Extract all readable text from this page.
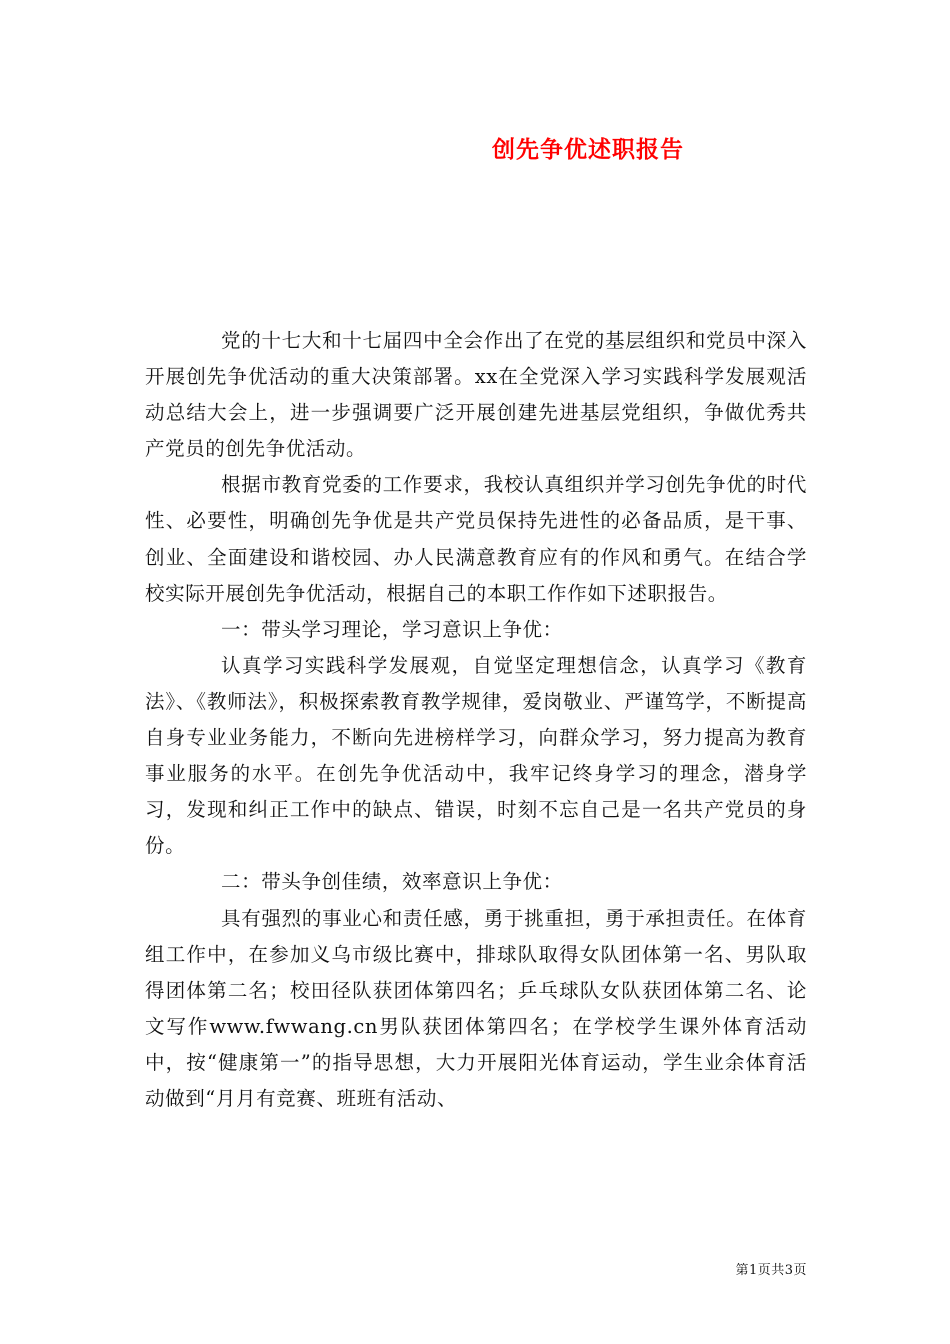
创先争优述职报告

党的十七大和十七届四中全会作出了在党的基层组织和党员中深入开展创先争优活动的重大决策部署。xx在全党深入学习实践科学发展观活动总结大会上，进一步强调要广泛开展创建先进基层党组织，争做优秀共产党员的创先争优活动。

根据市教育党委的工作要求，我校认真组织并学习创先争优的时代性、必要性，明确创先争优是共产党员保持先进性的必备品质，是干事、创业、全面建设和谐校园、办人民满意教育应有的作风和勇气。在结合学校实际开展创先争优活动，根据自己的本职工作作如下述职报告。

一：带头学习理论，学习意识上争优：

认真学习实践科学发展观，自觉坚定理想信念，认真学习《教育法》、《教师法》，积极探索教育教学规律，爱岗敬业、严谨笃学，不断提高自身专业业务能力，不断向先进榜样学习，向群众学习，努力提高为教育事业服务的水平。在创先争优活动中，我牢记终身学习的理念，潜身学习，发现和纠正工作中的缺点、错误，时刻不忘自己是一名共产党员的身份。

二：带头争创佳绩，效率意识上争优：

具有强烈的事业心和责任感，勇于挑重担，勇于承担责任。在体育组工作中，在参加义乌市级比赛中，排球队取得女队团体第一名、男队取得团体第二名；校田径队获团体第四名；乒乓球队女队获团体第二名、论文写作www.fwwang.cn男队获团体第四名；在学校学生课外体育活动中，按“健康第一”的指导思想，大力开展阳光体育运动，学生业余体育活动做到“月月有竞赛、班班有活动、

第1页共3页
